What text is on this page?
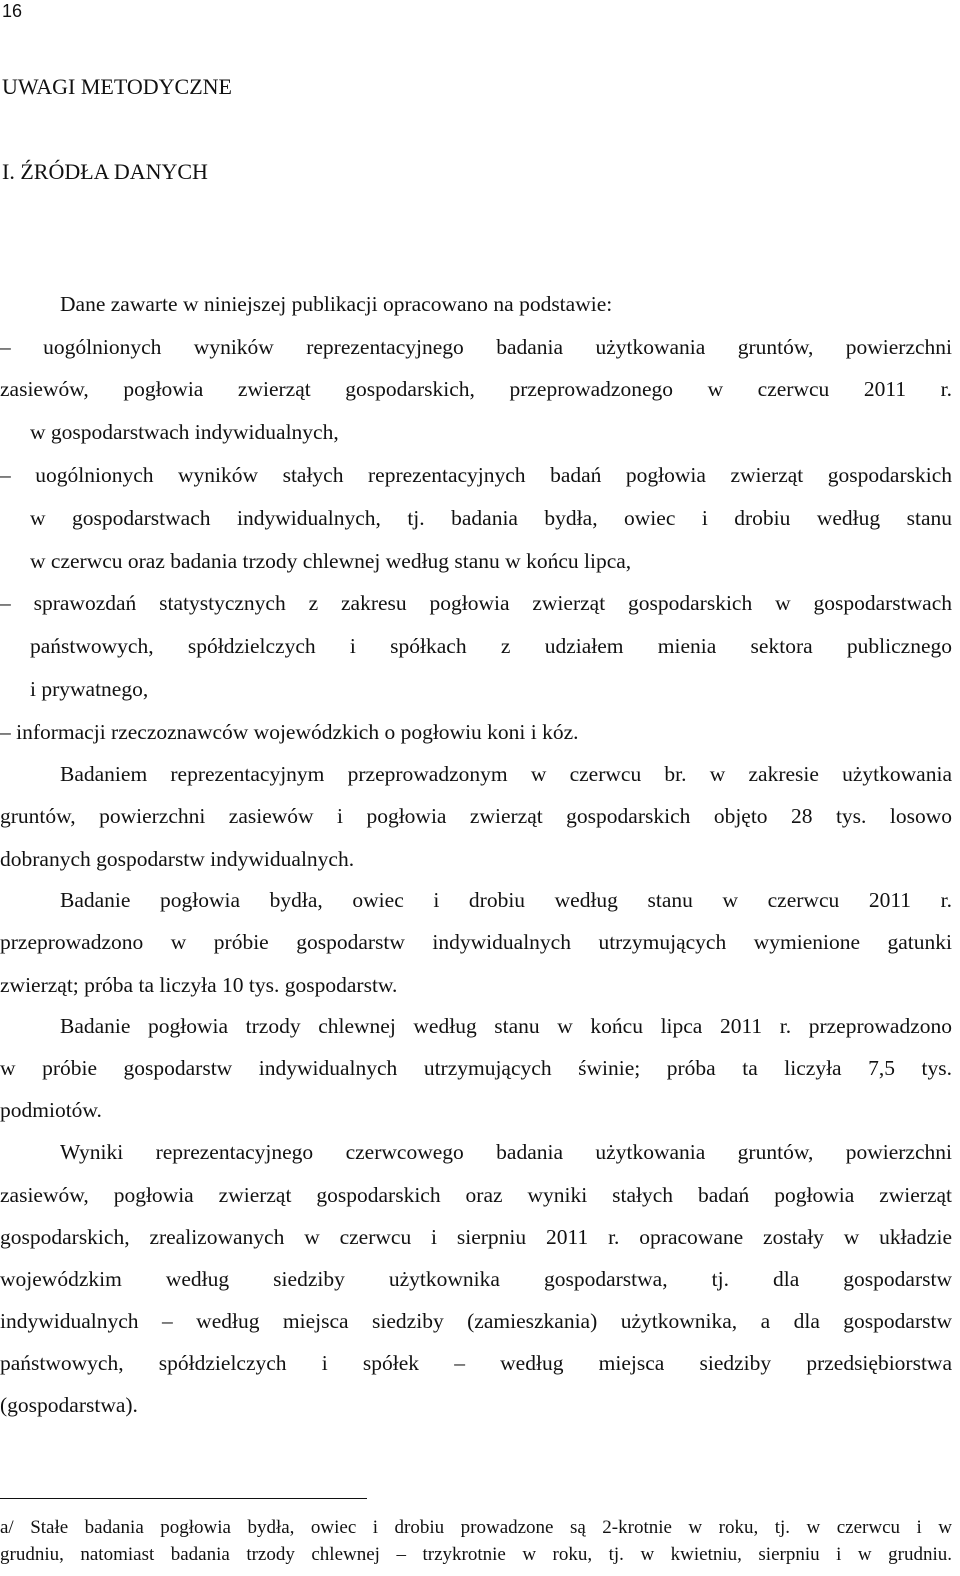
16
UWAGI METODYCZNE
I. ŹRÓDŁA DANYCH
Dane zawarte w niniejszej publikacji opracowano na podstawie:
– uogólnionych wyników reprezentacyjnego badania użytkowania gruntów, powierzchni
zasiewów, pogłowia zwierząt gospodarskich, przeprowadzonego w czerwcu 2011 r.
w gospodarstwach indywidualnych,
– uogólnionych wyników stałych reprezentacyjnych badań pogłowia zwierząt gospodarskich
w gospodarstwach indywidualnych, tj. badania bydła, owiec i drobiu według stanu
w czerwcu oraz badania trzody chlewnej według stanu w końcu lipca,
– sprawozdań statystycznych z zakresu pogłowia zwierząt gospodarskich w gospodarstwach
państwowych, spółdzielczych i spółkach z udziałem mienia sektora publicznego
i prywatnego,
– informacji rzeczoznawców wojewódzkich o pogłowiu koni i kóz.
Badaniem reprezentacyjnym przeprowadzonym w czerwcu br. w zakresie użytkowania
gruntów, powierzchni zasiewów i pogłowia zwierząt gospodarskich objęto 28 tys. losowo
dobranych gospodarstw indywidualnych.
Badanie pogłowia bydła, owiec i drobiu według stanu w czerwcu 2011 r.
przeprowadzono w próbie gospodarstw indywidualnych utrzymujących wymienione gatunki
zwierząt; próba ta liczyła 10 tys. gospodarstw.
Badanie pogłowia trzody chlewnej według stanu w końcu lipca 2011 r. przeprowadzono
w próbie gospodarstw indywidualnych utrzymujących świnie; próba ta liczyła 7,5 tys.
podmiotów.
Wyniki reprezentacyjnego czerwcowego badania użytkowania gruntów, powierzchni
zasiewów, pogłowia zwierząt gospodarskich oraz wyniki stałych badań pogłowia zwierząt
gospodarskich, zrealizowanych w czerwcu i sierpniu 2011 r. opracowane zostały w układzie
wojewódzkim według siedziby użytkownika gospodarstwa, tj. dla gospodarstw
indywidualnych – według miejsca siedziby (zamieszkania) użytkownika, a dla gospodarstw
państwowych, spółdzielczych i spółek – według miejsca siedziby przedsiębiorstwa
(gospodarstwa).
a/ Stałe badania pogłowia bydła, owiec i drobiu prowadzone są 2-krotnie w roku, tj. w czerwcu i w
grudniu, natomiast badania trzody chlewnej – trzykrotnie w roku, tj. w kwietniu, sierpniu i w grudniu.
